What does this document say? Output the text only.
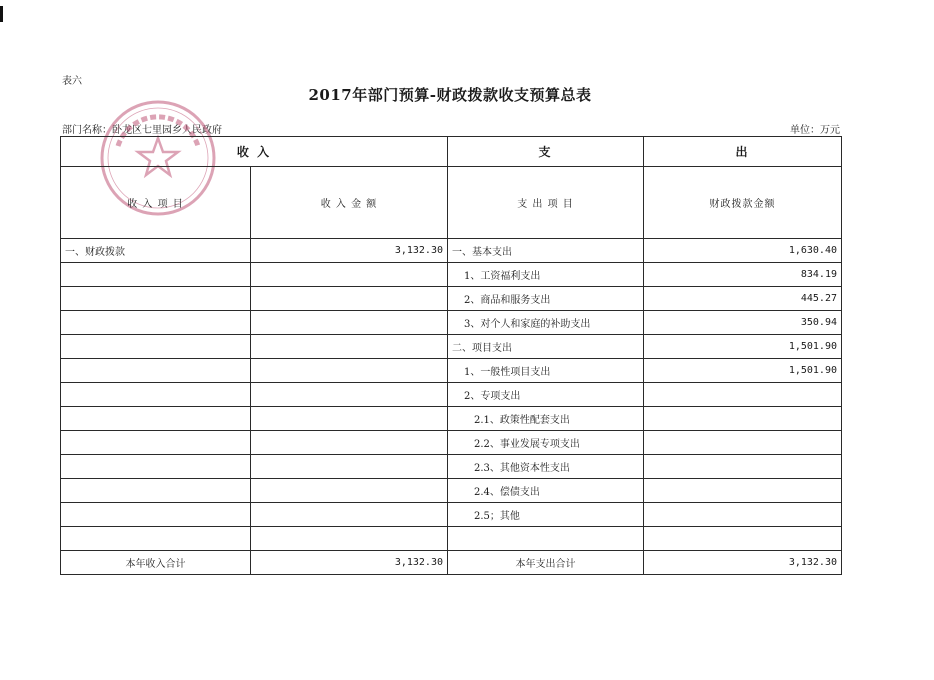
表六
2017年部门预算-财政拨款收支预算总表
部门名称：卧龙区七里园乡人民政府	单位：万元
收 入		支	出
收 入 项 目	收 入 金 额	支 出 项 目	财政拨款金额
一、财政拨款	3,132.30	一、基本支出	1,630.40
		1、工资福利支出	834.19
		2、商品和服务支出	445.27
		3、对个人和家庭的补助支出	350.94
		二、项目支出	1,501.90
		1、一般性项目支出	1,501.90
		2、专项支出	
		2.1、政策性配套支出	
		2.2、事业发展专项支出	
		2.3、其他资本性支出	
		2.4、偿债支出	
		2.5；其他	

本年收入合计	3,132.30	本年支出合计	3,132.30
